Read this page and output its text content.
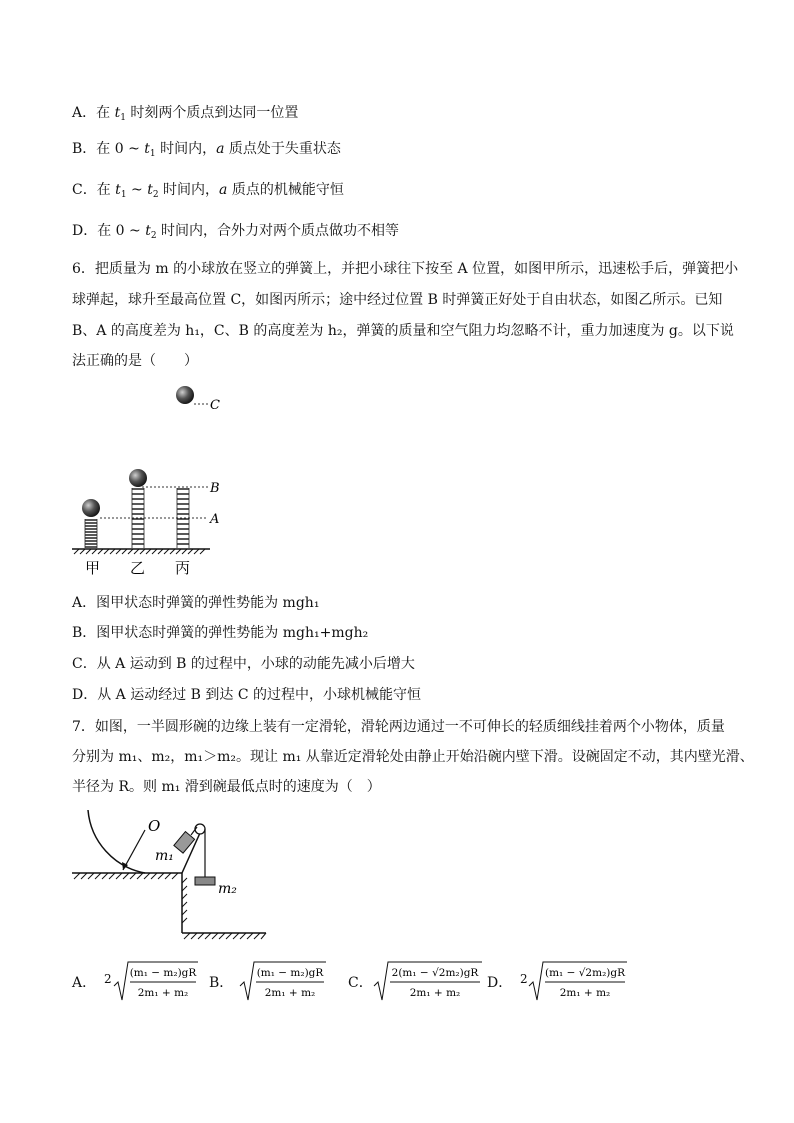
A．在 $t_1$ 时刻两个质点到达同一位置
B．在 0 ~ $t_1$ 时间内，a 质点处于失重状态
C．在 $t_1$ ~ $t_2$ 时间内，a 质点的机械能守恒
D．在 0 ~ $t_2$ 时间内，合外力对两个质点做功不相等
6．把质量为 m 的小球放在竖立的弹簧上，并把小球往下按至 A 位置，如图甲所示，迅速松手后，弹簧把小
球弹起，球升至最高位置 C，如图丙所示；途中经过位置 B 时弹簧正好处于自由状态，如图乙所示。已知
B、A 的高度差为 h₁，C、B 的高度差为 h₂，弹簧的质量和空气阻力均忽略不计，重力加速度为 g。以下说
法正确的是（　　）
C
B
A
甲 乙 丙
A．图甲状态时弹簧的弹性势能为 mgh₁
B．图甲状态时弹簧的弹性势能为 mgh₁+mgh₂
C．从 A 运动到 B 的过程中，小球的动能先减小后增大
D．从 A 运动经过 B 到达 C 的过程中，小球机械能守恒
7．如图，一半圆形碗的边缘上装有一定滑轮，滑轮两边通过一不可伸长的轻质细线挂着两个小物体，质量
分别为 m₁、m₂，m₁＞m₂。现让 m₁ 从靠近定滑轮处由静止开始沿碗内壁下滑。设碗固定不动，其内壁光滑、
半径为 R。则 m₁ 滑到碗最低点时的速度为（　）
O
m₁
m₂
A． 2 (m₁ − m₂)gR
2m₁ + m₂
B．
(m₁ − m₂)gR
2m₁ + m₂
C．
2(m₁ − √2m₂)gR
2m₁ + m₂
D． 2 (m₁ − √2m₂)gR
2m₁ + m₂
